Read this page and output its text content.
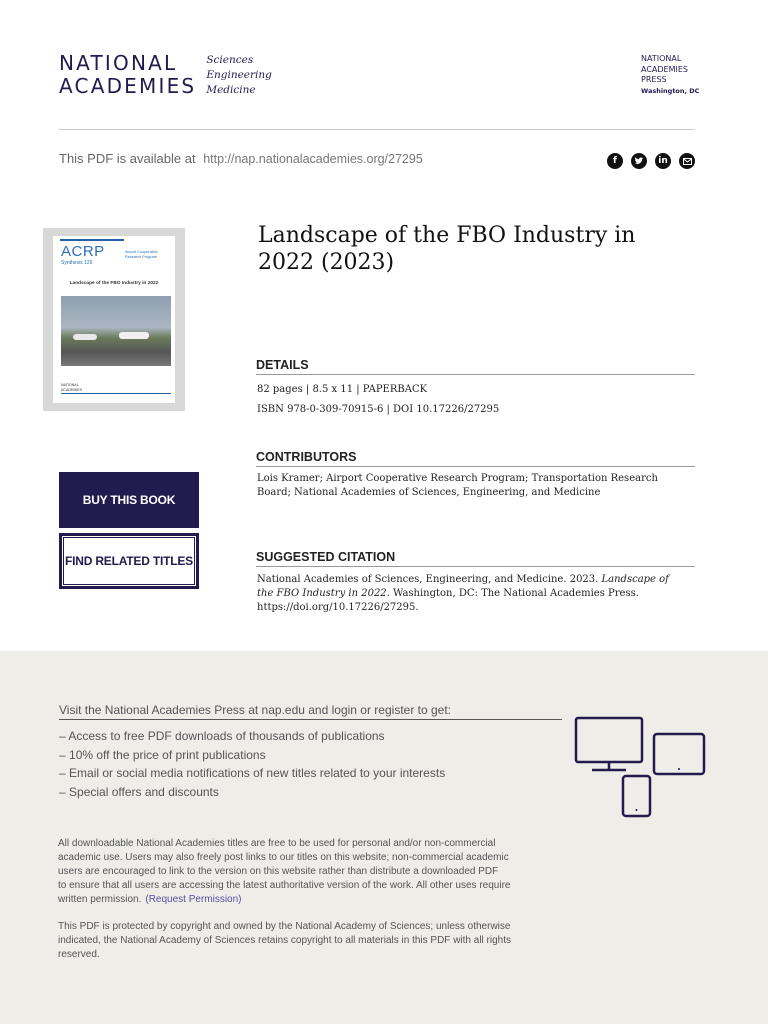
NATIONAL
ACADEMIES
Sciences
Engineering
Medicine
NATIONAL
ACADEMIES
PRESS
Washington, DC
This PDF is available at http://nap.nationalacademies.org/27295	f	in
ACRP
Synthesis 129
Airport Cooperative Research Program
Landscape of the FBO Industry in 2022
NATIONAL
ACADEMIES
BUY THIS BOOK
FIND RELATED TITLES
Landscape of the FBO Industry in 2022 (2023)
DETAILS
82 pages | 8.5 x 11 | PAPERBACK
ISBN 978-0-309-70915-6 | DOI 10.17226/27295
CONTRIBUTORS
Lois Kramer; Airport Cooperative Research Program; Transportation Research
Board; National Academies of Sciences, Engineering, and Medicine
SUGGESTED CITATION
National Academies of Sciences, Engineering, and Medicine. 2023. Landscape of
the FBO Industry in 2022. Washington, DC: The National Academies Press.
https://doi.org/10.17226/27295.
Visit the National Academies Press at nap.edu and login or register to get:
– Access to free PDF downloads of thousands of publications
– 10% off the price of print publications
– Email or social media notifications of new titles related to your interests
– Special offers and discounts
All downloadable National Academies titles are free to be used for personal and/or non-commercial
academic use. Users may also freely post links to our titles on this website; non-commercial academic
users are encouraged to link to the version on this website rather than distribute a downloaded PDF
to ensure that all users are accessing the latest authoritative version of the work. All other uses require
written permission. (Request Permission)
This PDF is protected by copyright and owned by the National Academy of Sciences; unless otherwise
indicated, the National Academy of Sciences retains copyright to all materials in this PDF with all rights
reserved.
